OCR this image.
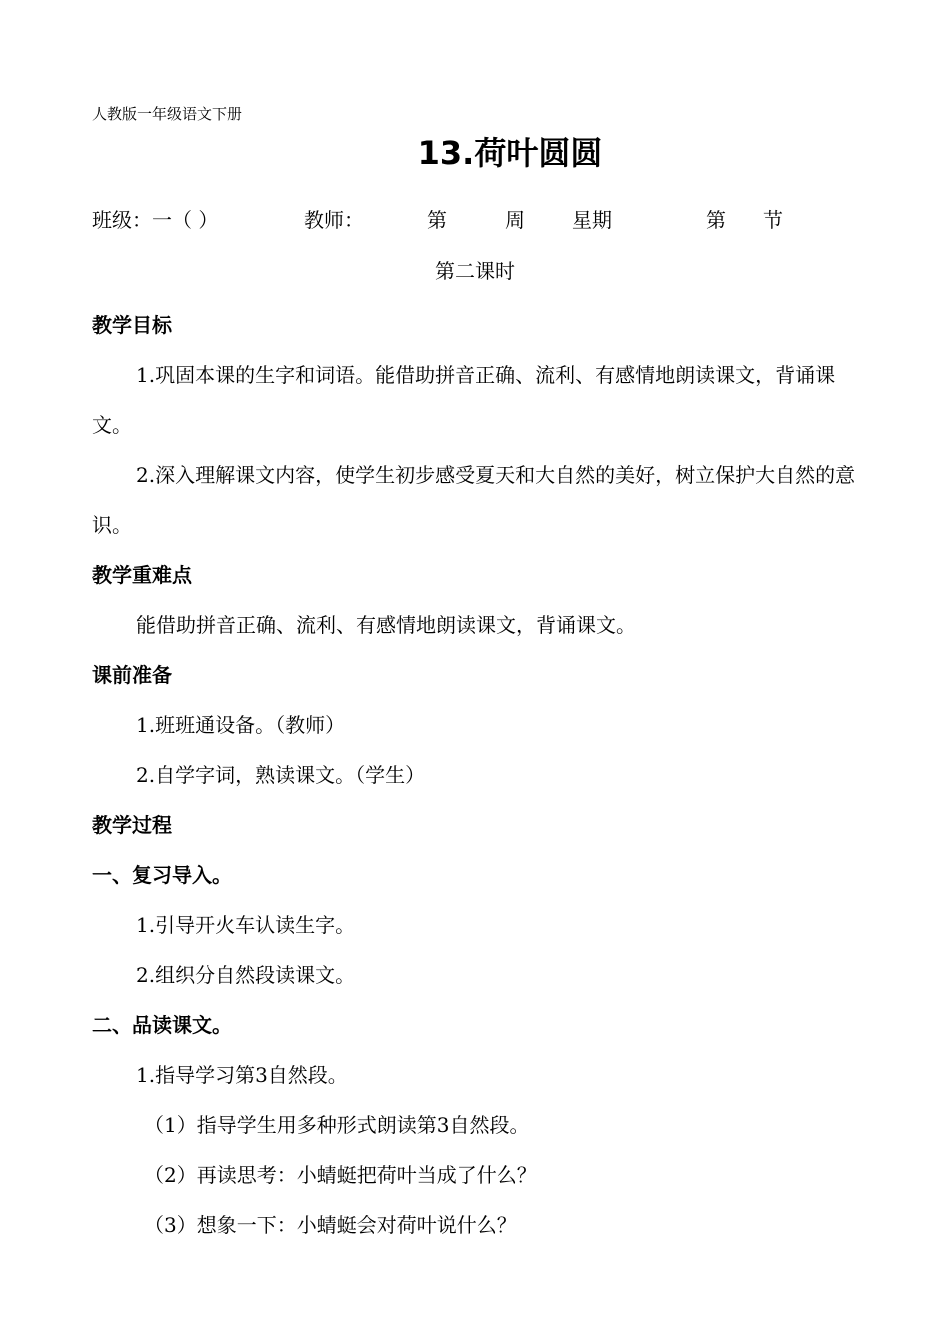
人教版一年级语文下册
13.荷叶圆圆
班级：一（ ）	教师：	第	周 星期	第 节
第二课时

教学目标

1.巩固本课的生字和词语。能借助拼音正确、流利、有感情地朗读课文，背诵课文。

2.深入理解课文内容，使学生初步感受夏天和大自然的美好，树立保护大自然的意识。

教学重难点

能借助拼音正确、流利、有感情地朗读课文，背诵课文。

课前准备

1.班班通设备。（教师）

2.自学字词，熟读课文。（学生）

教学过程

一、复习导入。

1.引导开火车认读生字。

2.组织分自然段读课文。

二、品读课文。

1.指导学习第3自然段。

（1）指导学生用多种形式朗读第3自然段。

（2）再读思考：小蜻蜓把荷叶当成了什么？

（3）想象一下：小蜻蜓会对荷叶说什么？
